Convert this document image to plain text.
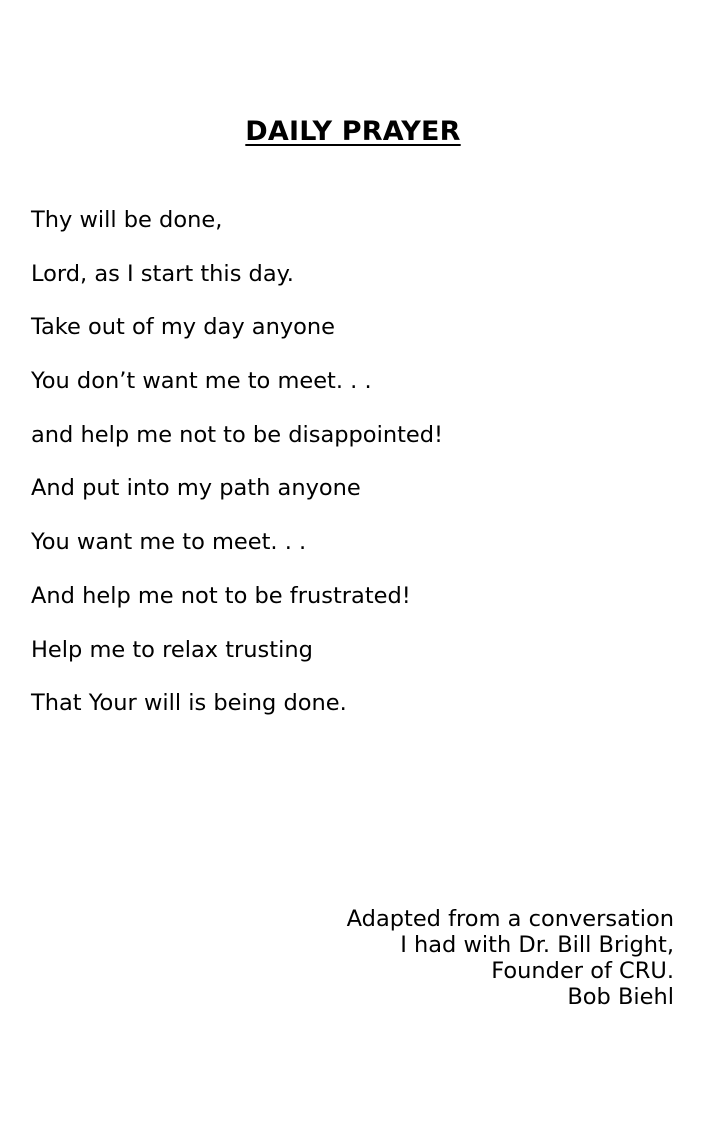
DAILY PRAYER
Thy will be done,
Lord, as I start this day.
Take out of my day anyone
You don’t want me to meet. . .
and help me not to be disappointed!
And put into my path anyone
You want me to meet. . .
And help me not to be frustrated!
Help me to relax trusting
That Your will is being done.
Adapted from a conversation
I had with Dr. Bill Bright,
Founder of CRU.
Bob Biehl
